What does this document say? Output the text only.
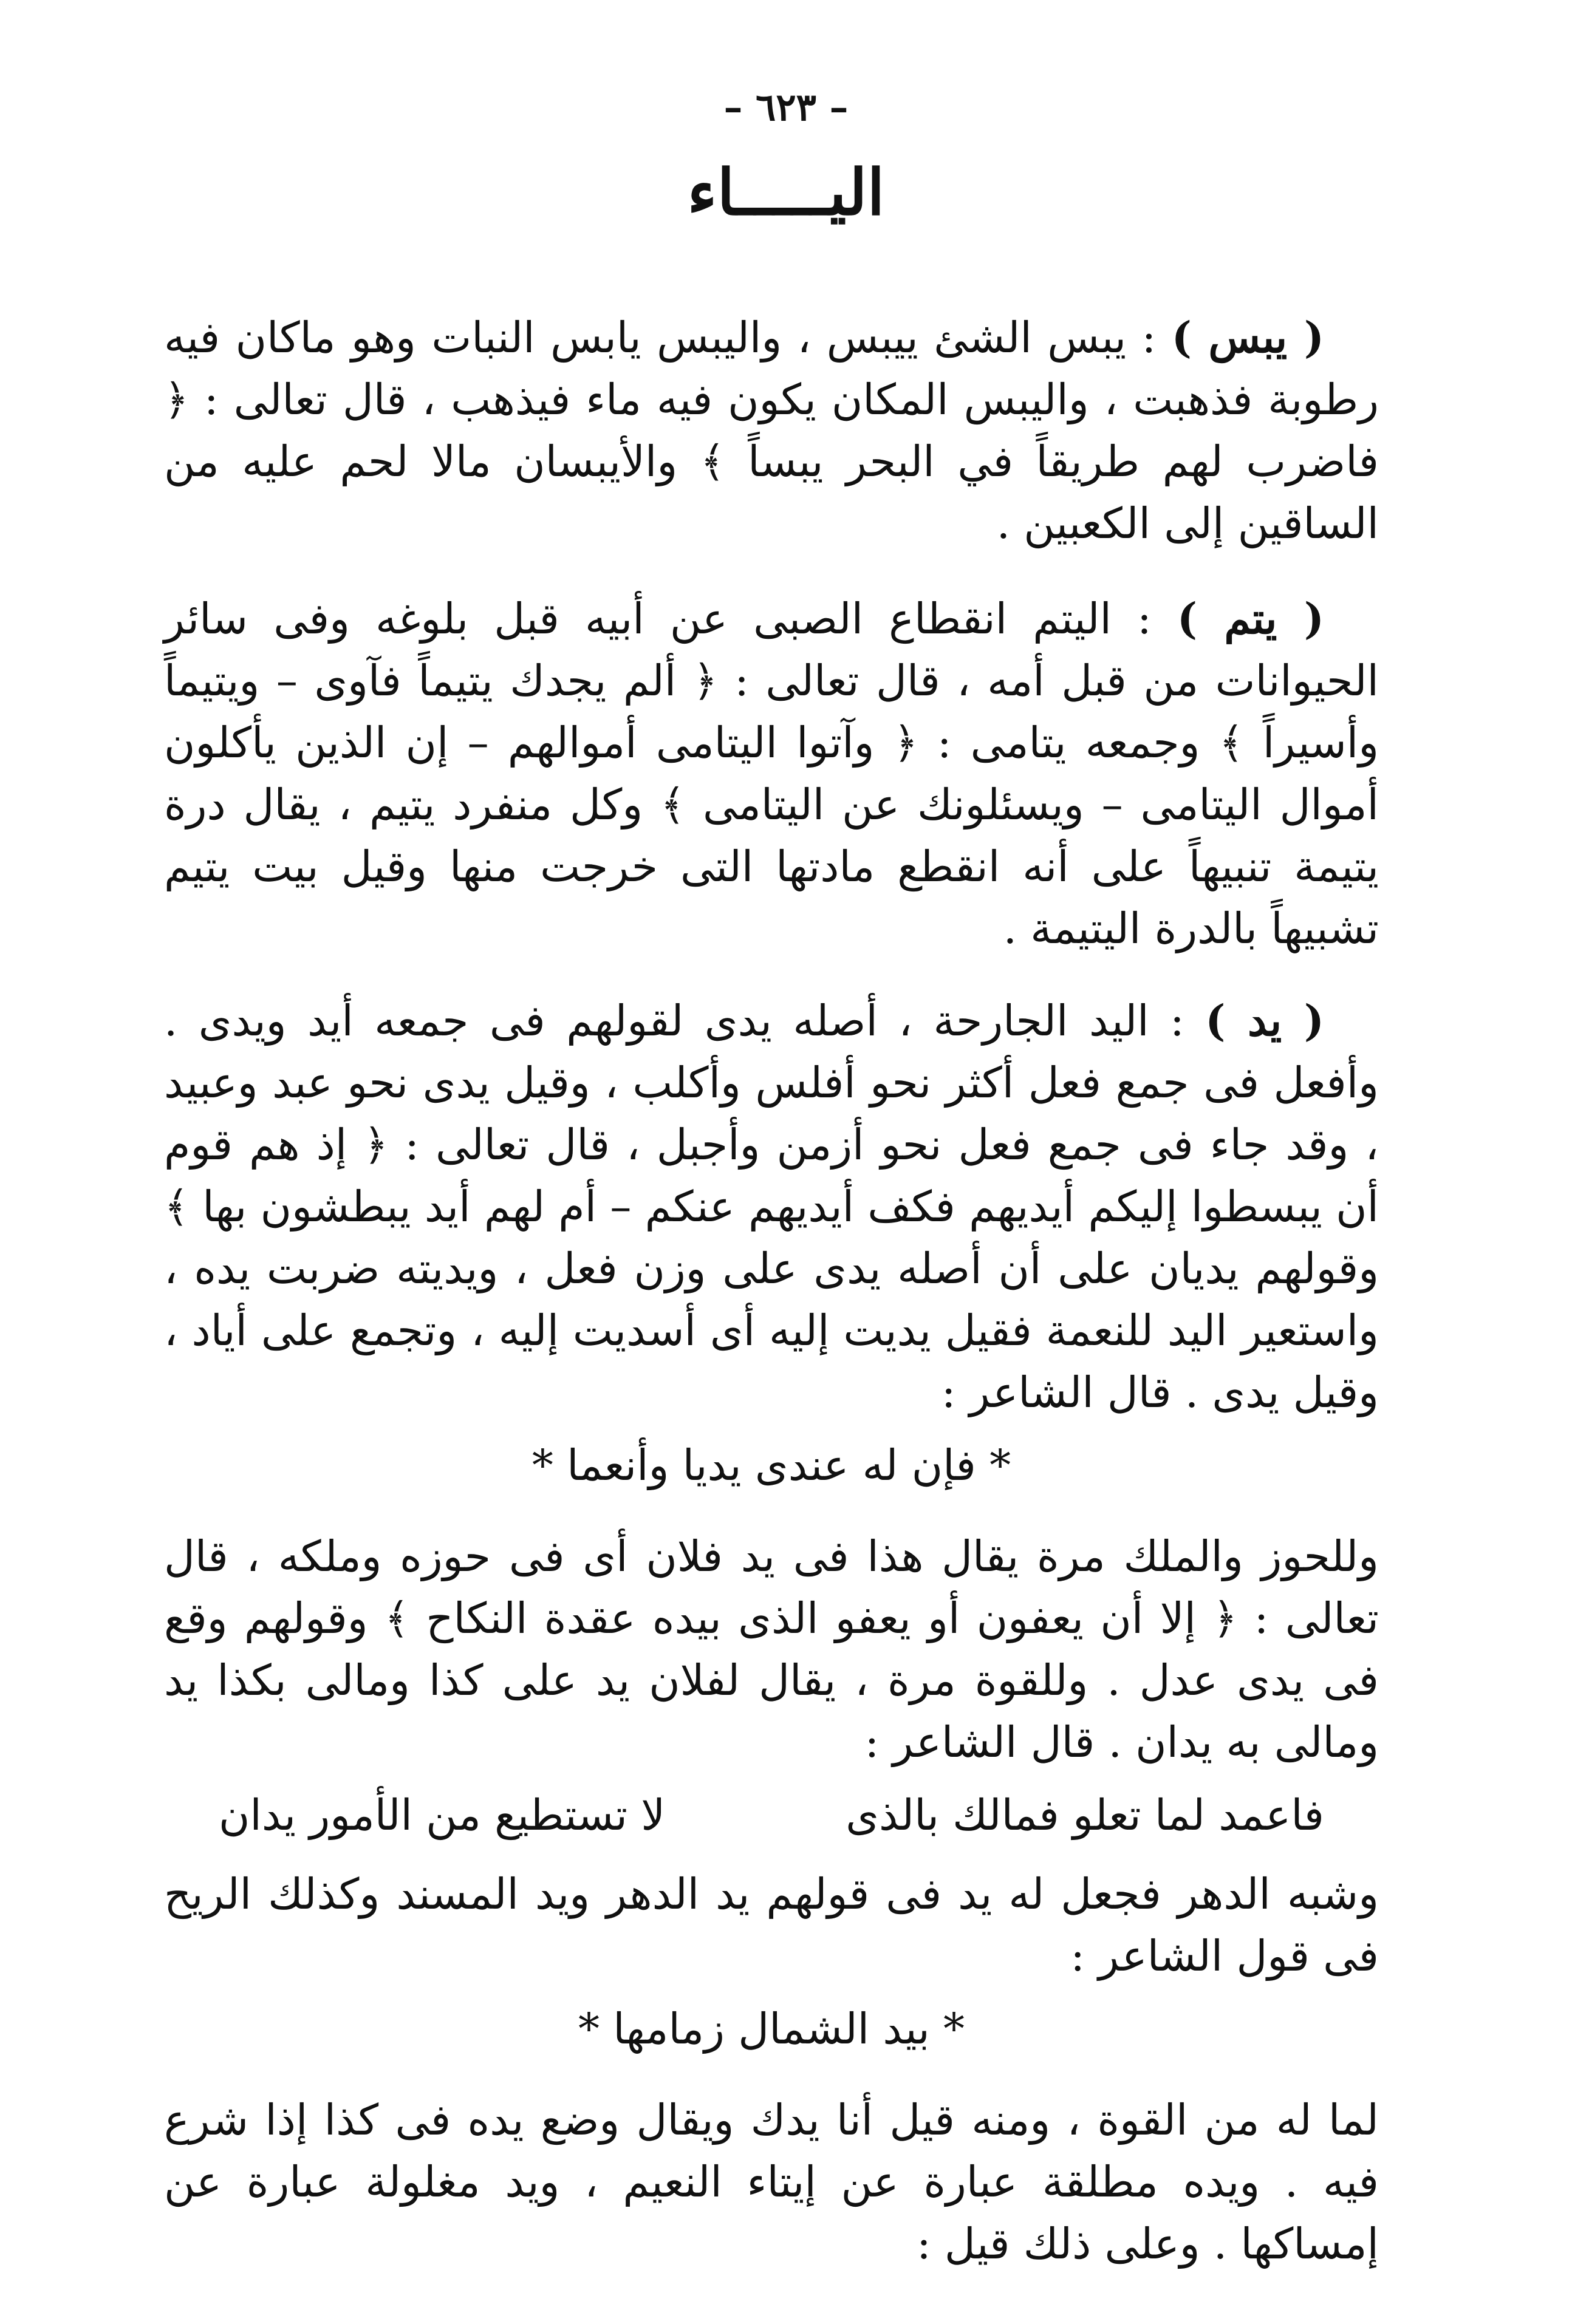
– ٦٢٣ –
اليـــــاء

( يبس ) : يبس الشئ ييبس ، واليبس يابس النبات وهو ماكان فيه رطوبة فذهبت ، واليبس المكان يكون فيه ماء فيذهب ، قال تعالى : ﴿ فاضرب لهم طريقاً في البحر يبساً ﴾ والأيبسان مالا لحم عليه من الساقين إلى الكعبين .

( يتم ) : اليتم انقطاع الصبى عن أبيه قبل بلوغه وفى سائر الحيوانات من قبل أمه ، قال تعالى : ﴿ ألم يجدك يتيماً فآوى – ويتيماً وأسيراً ﴾ وجمعه يتامى : ﴿ وآتوا اليتامى أموالهم – إن الذين يأكلون أموال اليتامى – ويسئلونك عن اليتامى ﴾ وكل منفرد يتيم ، يقال درة يتيمة تنبيهاً على أنه انقطع مادتها التى خرجت منها وقيل بيت يتيم تشبيهاً بالدرة اليتيمة .

( يد ) : اليد الجارحة ، أصله يدى لقولهم فى جمعه أيد ويدى . وأفعل فى جمع فعل أكثر نحو أفلس وأكلب ، وقيل يدى نحو عبد وعبيد ، وقد جاء فى جمع فعل نحو أزمن وأجبل ، قال تعالى : ﴿ إذ هم قوم أن يبسطوا إليكم أيديهم فكف أيديهم عنكم – أم لهم أيد يبطشون بها ﴾ وقولهم يديان على أن أصله يدى على وزن فعل ، ويديته ضربت يده ، واستعير اليد للنعمة فقيل يديت إليه أى أسديت إليه ، وتجمع على أياد ، وقيل يدى . قال الشاعر :

* فإن له عندى يديا وأنعما *

وللحوز والملك مرة يقال هذا فى يد فلان أى فى حوزه وملكه ، قال تعالى : ﴿ إلا أن يعفون أو يعفو الذى بيده عقدة النكاح ﴾ وقولهم وقع فى يدى عدل . وللقوة مرة ، يقال لفلان يد على كذا ومالى بكذا يد ومالى به يدان . قال الشاعر :

فاعمد لما تعلو فمالك بالذى
لا تستطيع من الأمور يدان

وشبه الدهر فجعل له يد فى قولهم يد الدهر ويد المسند وكذلك الريح فى قول الشاعر :

* بيد الشمال زمامها *

لما له من القوة ، ومنه قيل أنا يدك ويقال وضع يده فى كذا إذا شرع فيه . ويده مطلقة عبارة عن إيتاء النعيم ، ويد مغلولة عبارة عن إمساكها . وعلى ذلك قيل :
